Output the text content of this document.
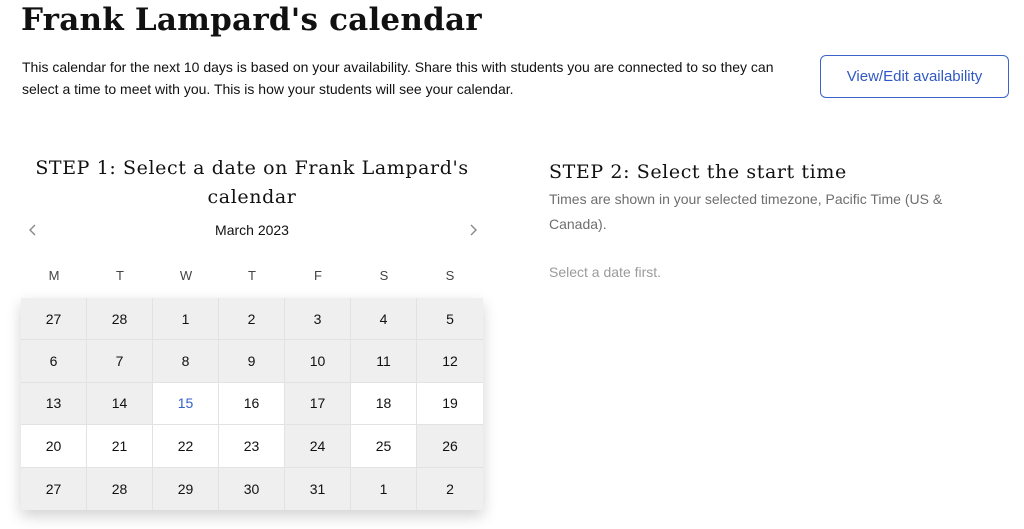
Frank Lampard's calendar

This calendar for the next 10 days is based on your availability. Share this with students you are connected to so they can select a time to meet with you. This is how your students will see your calendar.

View/Edit availability
STEP 1: Select a date on Frank Lampard's calendar
March 2023
M	T	W	T	F	S	S
27	28	1	2	3	4	5
6	7	8	9	10	11	12
13	14	15	16	17	18	19
20	21	22	23	24	25	26
27	28	29	30	31	1	2
STEP 2: Select the start time

Times are shown in your selected timezone, Pacific Time (US & Canada).

Select a date first.
